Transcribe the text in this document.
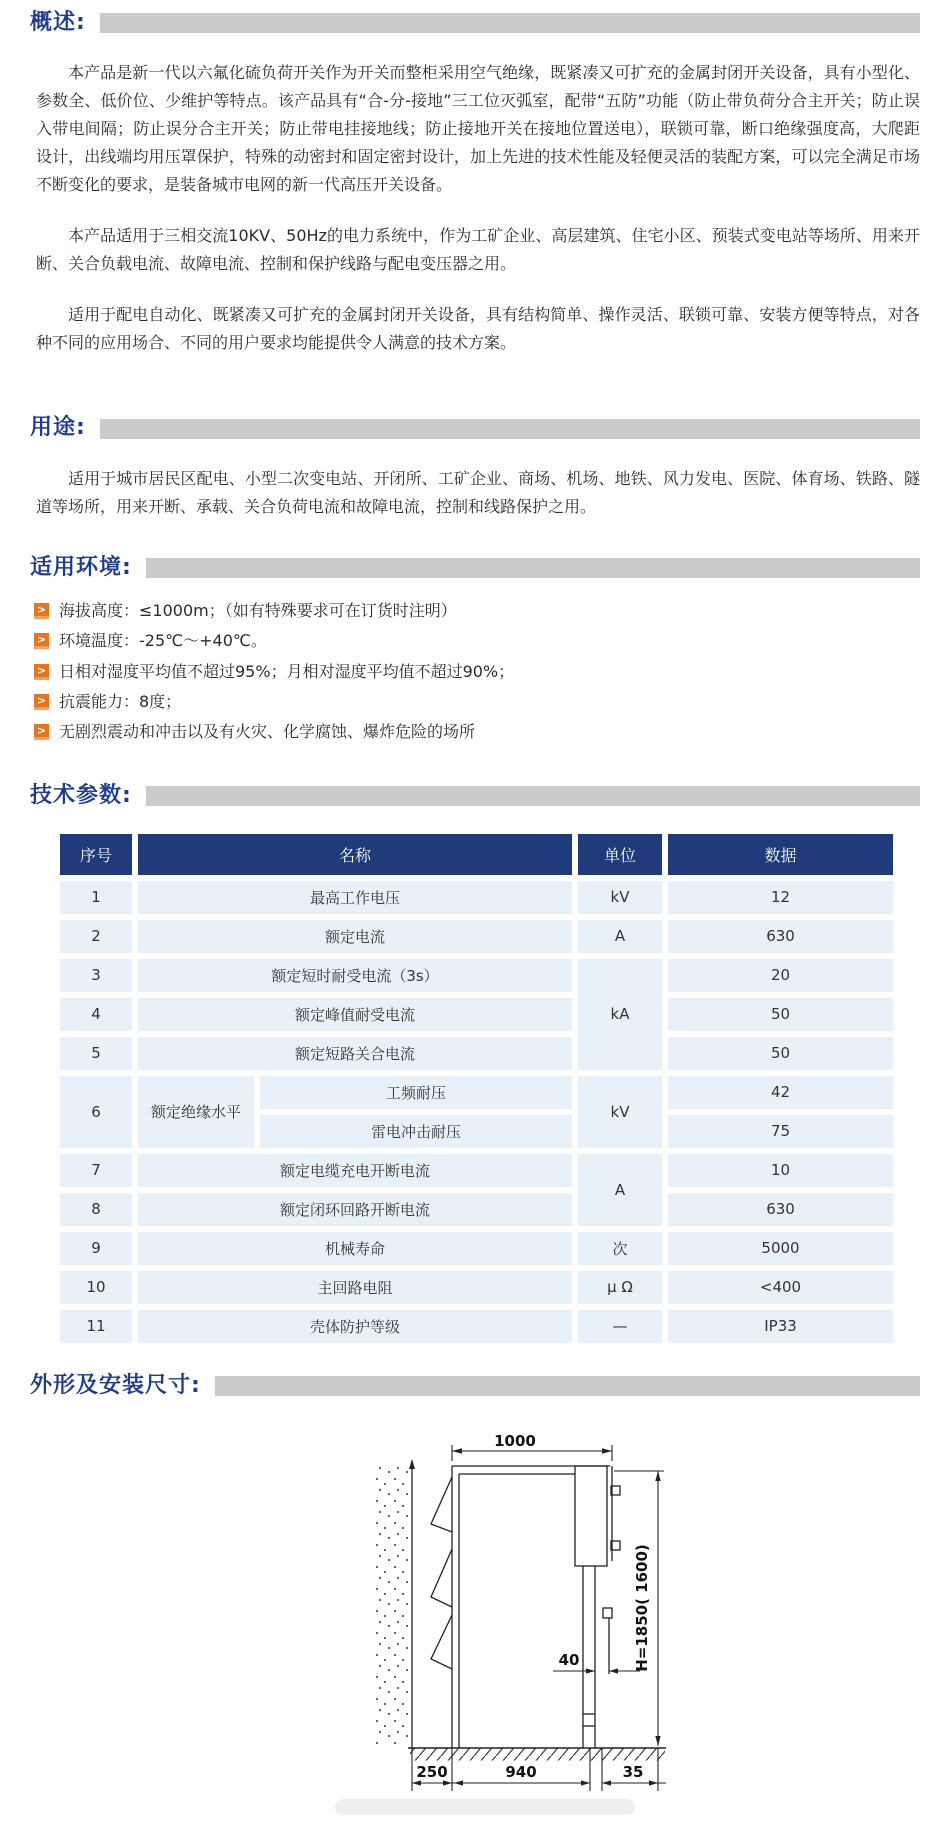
概述:

本产品是新一代以六氟化硫负荷开关作为开关而整柜采用空气绝缘，既紧凑又可扩充的金属封闭开关设备，具有小型化、参数全、低价位、少维护等特点。该产品具有“合-分-接地”三工位灭弧室，配带“五防”功能（防止带负荷分合主开关；防止误入带电间隔；防止误分合主开关；防止带电挂接地线；防止接地开关在接地位置送电），联锁可靠，断口绝缘强度高，大爬距设计，出线端均用压罩保护，特殊的动密封和固定密封设计，加上先进的技术性能及轻便灵活的装配方案，可以完全满足市场不断变化的要求，是装备城市电网的新一代高压开关设备。

本产品适用于三相交流10KV、50Hz的电力系统中，作为工矿企业、高层建筑、住宅小区、预装式变电站等场所、用来开断、关合负载电流、故障电流、控制和保护线路与配电变压器之用。

适用于配电自动化、既紧凑又可扩充的金属封闭开关设备，具有结构简单、操作灵活、联锁可靠、安装方便等特点，对各种不同的应用场合、不同的用户要求均能提供令人满意的技术方案。

用途:

适用于城市居民区配电、小型二次变电站、开闭所、工矿企业、商场、机场、地铁、风力发电、医院、体育场、铁路、隧道等场所，用来开断、承载、关合负荷电流和故障电流，控制和线路保护之用。

适用环境:
> 海拔高度：≤1000m；（如有特殊要求可在订货时注明）
> 环境温度：-25℃～+40℃。
> 日相对湿度平均值不超过95%；月相对湿度平均值不超过90%；
> 抗震能力：8度；
> 无剧烈震动和冲击以及有火灾、化学腐蚀、爆炸危险的场所
技术参数:
序号	名称		单位	数据
1	最高工作电压		kV	12
2	额定电流		A	630
3	额定短时耐受电流（3s）		kA	20
4	额定峰值耐受电流			50
5	额定短路关合电流			50
6	额定绝缘水平	工频耐压	kV	42
		雷电冲击耐压		75
7	额定电缆充电开断电流		A	10
8	额定闭环回路开断电流			630
9	机械寿命		次	5000
10	主回路电阻		μ Ω	<400
11	壳体防护等级		—	IP33
外形及安装尺寸:
1000
H=1850( 1600)
40
250	940	35
